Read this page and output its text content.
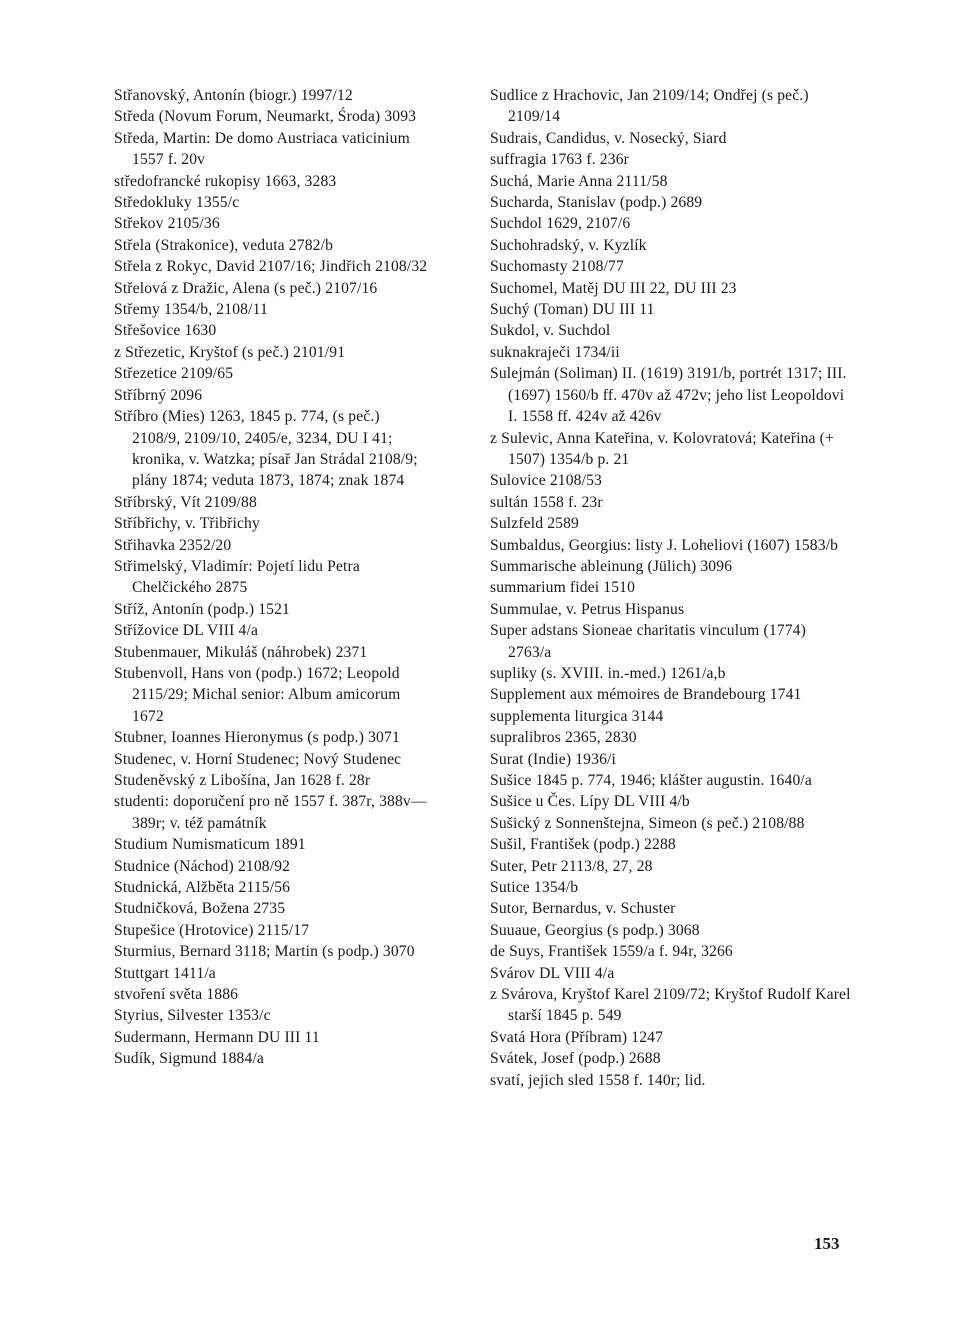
Střanovský, Antonín (biogr.) 1997/12

Středa (Novum Forum, Neumarkt, Środa) 3093

Středa, Martin: De domo Austriaca vaticinium 1557 f. 20v

středofrancké rukopisy 1663, 3283

Středokluky 1355/c

Střekov 2105/36

Střela (Strakonice), veduta 2782/b

Střela z Rokyc, David 2107/16; Jindřich 2108/32

Střelová z Dražic, Alena (s peč.) 2107/16

Střemy 1354/b, 2108/11

Střešovice 1630

z Střezetic, Kryštof (s peč.) 2101/91

Střezetice 2109/65

Stříbrný 2096

Stříbro (Mies) 1263, 1845 p. 774, (s peč.) 2108/9, 2109/10, 2405/e, 3234, DU I 41; kronika, v. Watzka; písař Jan Strádal 2108/9; plány 1874; veduta 1873, 1874; znak 1874

Stříbrský, Vít 2109/88

Stříbřichy, v. Třibřichy

Střihavka 2352/20

Střimelský, Vladimír: Pojetí lidu Petra Chelčického 2875

Stříž, Antonín (podp.) 1521

Střížovice DL VIII 4/a

Stubenmauer, Mikuláš (náhrobek) 2371

Stubenvoll, Hans von (podp.) 1672; Leopold 2115/29; Michal senior: Album amicorum 1672

Stubner, Ioannes Hieronymus (s podp.) 3071

Studenec, v. Horní Studenec; Nový Studenec

Studeněvský z Libošína, Jan 1628 f. 28r

studenti: doporučení pro ně 1557 f. 387r, 388v—389r; v. též památník

Studium Numismaticum 1891

Studnice (Náchod) 2108/92

Studnická, Alžběta 2115/56

Studničková, Božena 2735

Stupešice (Hrotovice) 2115/17

Sturmius, Bernard 3118; Martin (s podp.) 3070

Stuttgart 1411/a

stvoření světa 1886

Styrius, Silvester 1353/c

Sudermann, Hermann DU III 11

Sudík, Sigmund 1884/a

Sudlice z Hrachovic, Jan 2109/14; Ondřej (s peč.) 2109/14

Sudrais, Candidus, v. Nosecký, Siard

suffragia 1763 f. 236r

Suchá, Marie Anna 2111/58

Sucharda, Stanislav (podp.) 2689

Suchdol 1629, 2107/6

Suchohradský, v. Kyzlík

Suchomasty 2108/77

Suchomel, Matěj DU III 22, DU III 23

Suchý (Toman) DU III 11

Sukdol, v. Suchdol

suknakraječi 1734/ii

Sulejmán (Soliman) II. (1619) 3191/b, portrét 1317; III. (1697) 1560/b ff. 470v až 472v; jeho list Leopoldovi I. 1558 ff. 424v až 426v

z Sulevic, Anna Kateřina, v. Kolovratová; Kateřina (+ 1507) 1354/b p. 21

Sulovice 2108/53

sultán 1558 f. 23r

Sulzfeld 2589

Sumbaldus, Georgius: listy J. Loheliovi (1607) 1583/b

Summarische ableinung (Jülich) 3096

summarium fidei 1510

Summulae, v. Petrus Hispanus

Super adstans Sioneae charitatis vinculum (1774) 2763/a

supliky (s. XVIII. in.-med.) 1261/a,b

Supplement aux mémoires de Brandebourg 1741

supplementa liturgica 3144

supralibros 2365, 2830

Surat (Indie) 1936/i

Sušice 1845 p. 774, 1946; klášter augustin. 1640/a

Sušice u Čes. Lípy DL VIII 4/b

Sušický z Sonnenštejna, Simeon (s peč.) 2108/88

Sušil, František (podp.) 2288

Suter, Petr 2113/8, 27, 28

Sutice 1354/b

Sutor, Bernardus, v. Schuster

Suuaue, Georgius (s podp.) 3068

de Suys, František 1559/a f. 94r, 3266

Svárov DL VIII 4/a

z Svárova, Kryštof Karel 2109/72; Kryštof Rudolf Karel starší 1845 p. 549

Svatá Hora (Příbram) 1247

Svátek, Josef (podp.) 2688

svatí, jejich sled 1558 f. 140r; lid.

153
